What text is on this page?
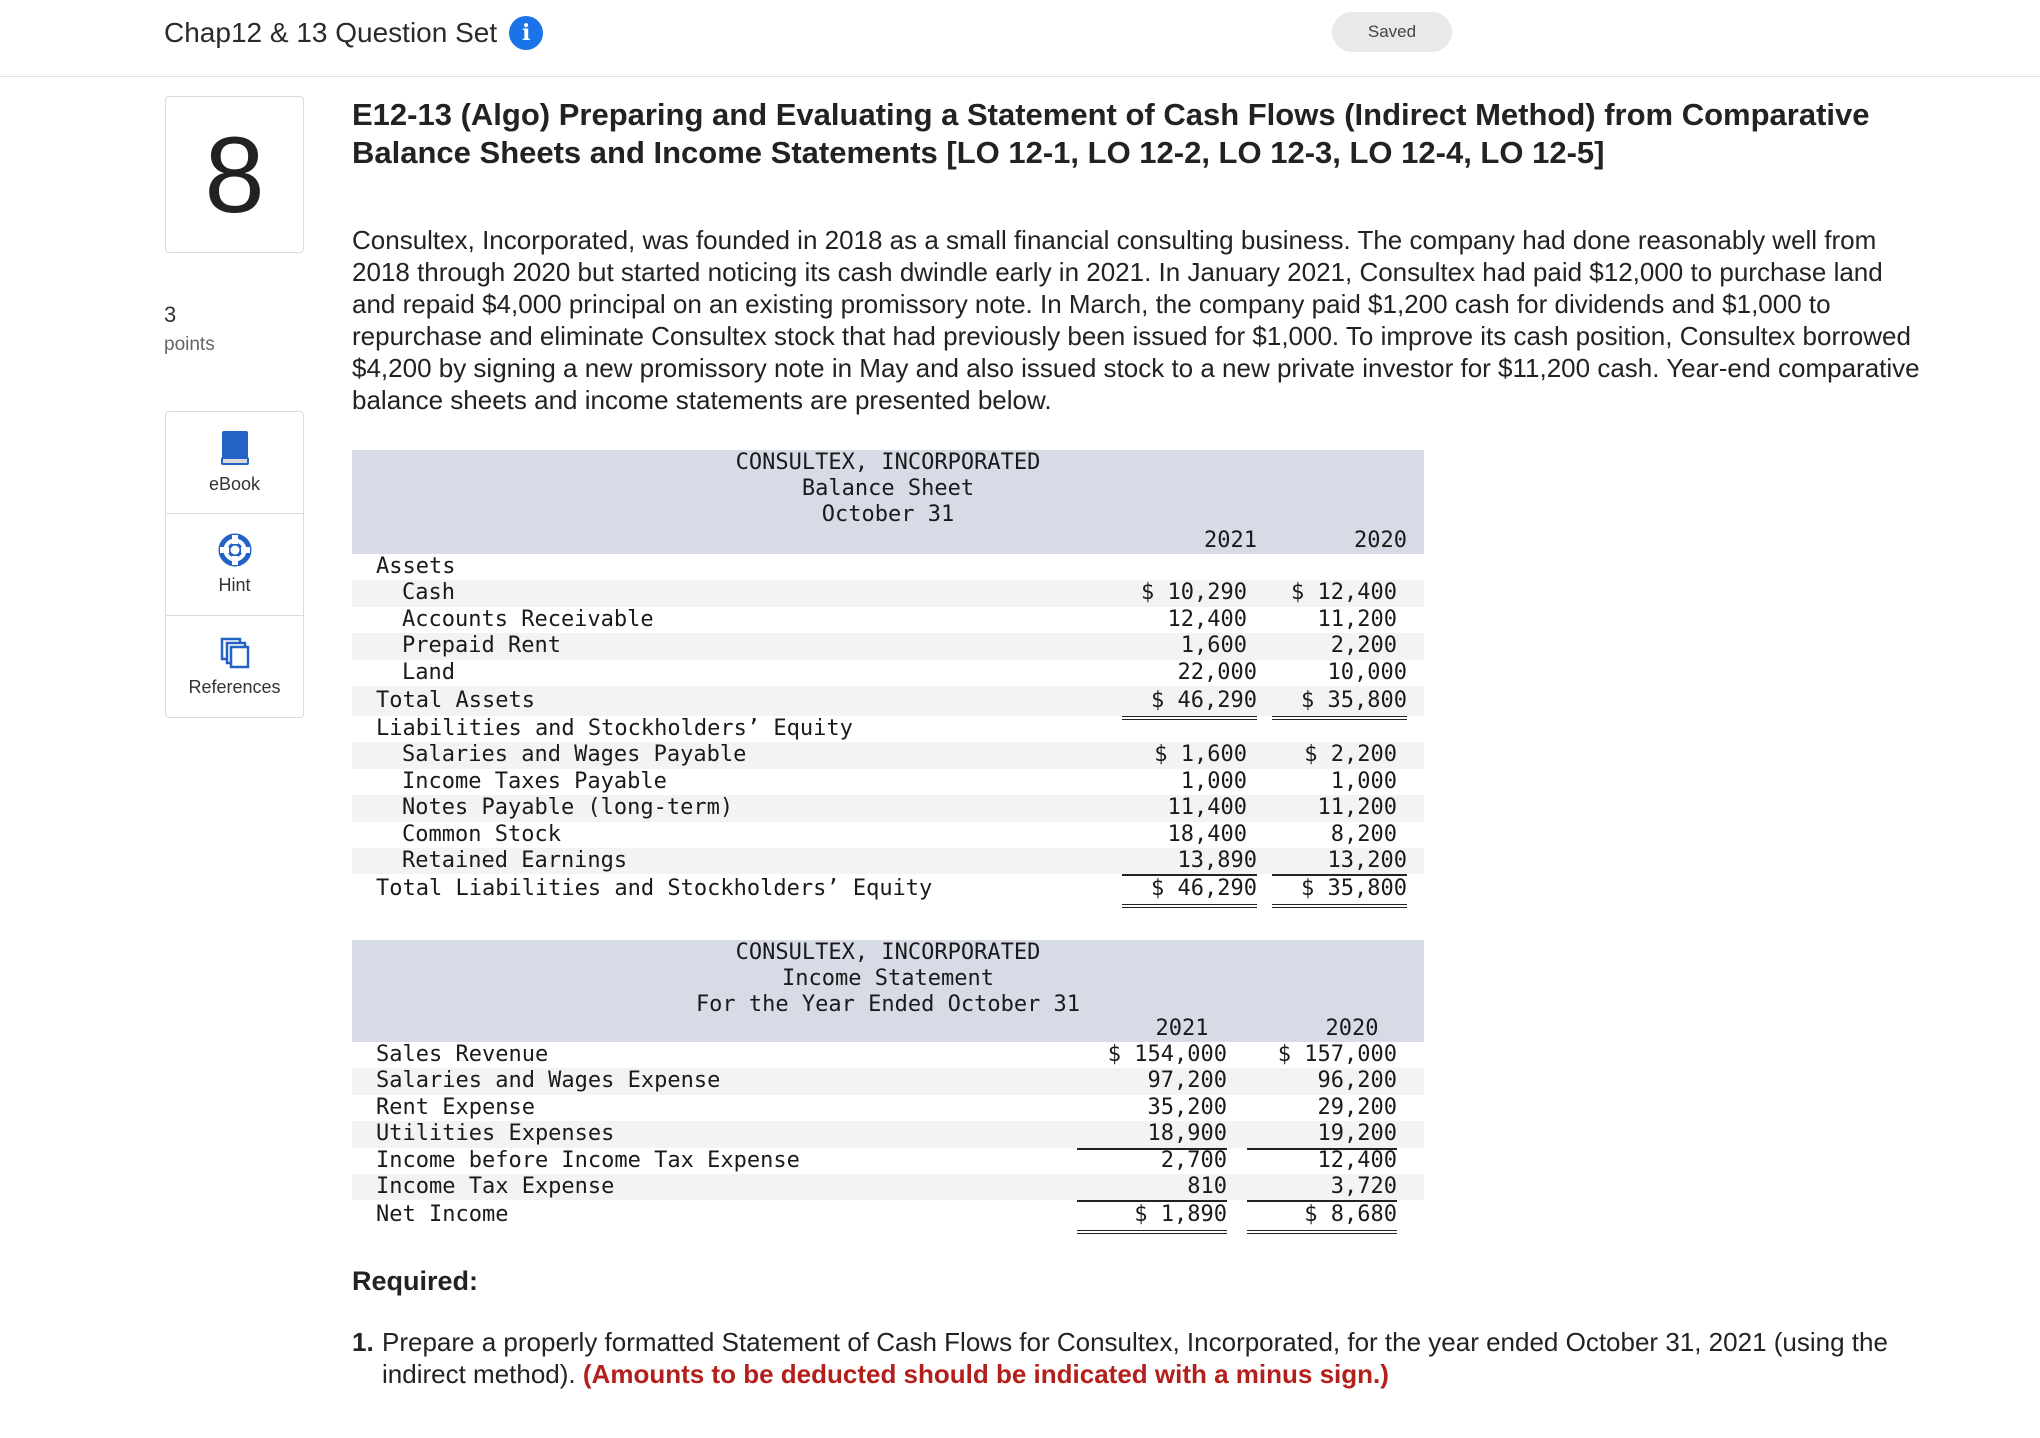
Chap12 & 13 Question Set	i	Saved
8
3
points
eBook
Hint
References
E12-13 (Algo) Preparing and Evaluating a Statement of Cash Flows (Indirect Method) from Comparative Balance Sheets and Income Statements [LO 12-1, LO 12-2, LO 12-3, LO 12-4, LO 12-5]
Consultex, Incorporated, was founded in 2018 as a small financial consulting business. The company had done reasonably well from 2018 through 2020 but started noticing its cash dwindle early in 2021. In January 2021, Consultex had paid $12,000 to purchase land and repaid $4,000 principal on an existing promissory note. In March, the company paid $1,200 cash for dividends and $1,000 to repurchase and eliminate Consultex stock that had previously been issued for $1,000. To improve its cash position, Consultex borrowed $4,200 by signing a new promissory note in May and also issued stock to a new private investor for $11,200 cash. Year-end comparative balance sheets and income statements are presented below.
CONSULTEX, INCORPORATED
Balance Sheet
October 31
2021	2020
Assets
Cash	$ 10,290	$ 12,400
Accounts Receivable	12,400	11,200
Prepaid Rent	1,600	2,200
Land	22,000	10,000
Total Assets	$ 46,290	$ 35,800
Liabilities and Stockholders’ Equity
Salaries and Wages Payable	$ 1,600	$ 2,200
Income Taxes Payable	1,000	1,000
Notes Payable (long-term)	11,400	11,200
Common Stock	18,400	8,200
Retained Earnings	13,890	13,200
Total Liabilities and Stockholders’ Equity	$ 46,290	$ 35,800
CONSULTEX, INCORPORATED
Income Statement
For the Year Ended October 31
2021	2020
Sales Revenue	$ 154,000	$ 157,000
Salaries and Wages Expense	97,200	96,200
Rent Expense	35,200	29,200
Utilities Expenses	18,900	19,200
Income before Income Tax Expense	2,700	12,400
Income Tax Expense	810	3,720
Net Income	$ 1,890	$ 8,680
Required:
1. Prepare a properly formatted Statement of Cash Flows for Consultex, Incorporated, for the year ended October 31, 2021 (using the indirect method). (Amounts to be deducted should be indicated with a minus sign.)
